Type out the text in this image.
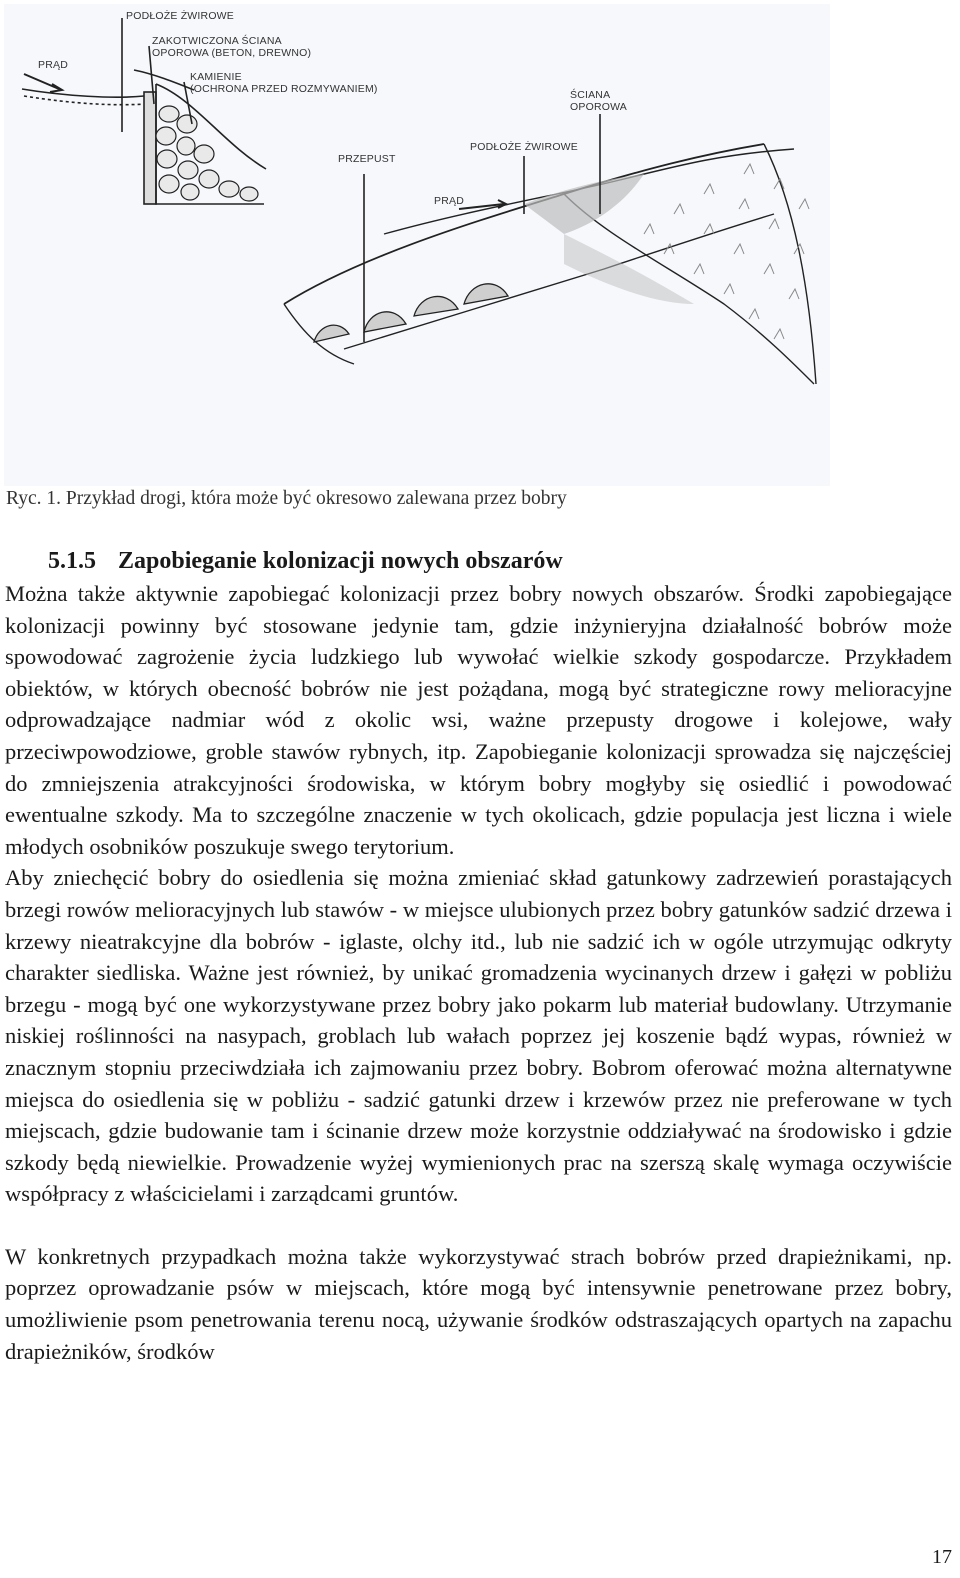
PODŁOŻE ŻWIROWE
ZAKOTWICZONA ŚCIANA
OPOROWA (BETON, DREWNO)
KAMIENIE
(OCHRONA PRZED ROZMYWANIEM)
PRĄD
ŚCIANA
OPOROWA
PODŁOŻE ŻWIROWE
PRZEPUST
PRĄD
Ryc. 1. Przykład drogi, która może być okresowo zalewana przez bobry
5.1.5 Zapobieganie kolonizacji nowych obszarów

Można także aktywnie zapobiegać kolonizacji przez bobry nowych obszarów. Środki zapobiegające kolonizacji powinny być stosowane jedynie tam, gdzie inżynieryjna działalność bobrów może spowodować zagrożenie życia ludzkiego lub wywołać wielkie szkody gospodarcze. Przykładem obiektów, w których obecność bobrów nie jest pożądana, mogą być strategiczne rowy melioracyjne odprowadzające nadmiar wód z okolic wsi, ważne przepusty drogowe i kolejowe, wały przeciwpowodziowe, groble stawów rybnych, itp. Zapobieganie kolonizacji sprowadza się najczęściej do zmniejszenia atrakcyjności środowiska, w którym bobry mogłyby się osiedlić i powodować ewentualne szkody. Ma to szczególne znaczenie w tych okolicach, gdzie populacja jest liczna i wiele młodych osobników poszukuje swego terytorium.

Aby zniechęcić bobry do osiedlenia się można zmieniać skład gatunkowy zadrzewień porastających brzegi rowów melioracyjnych lub stawów - w miejsce ulubionych przez bobry gatunków sadzić drzewa i krzewy nieatrakcyjne dla bobrów - iglaste, olchy itd., lub nie sadzić ich w ogóle utrzymując odkryty charakter siedliska. Ważne jest również, by unikać gromadzenia wycinanych drzew i gałęzi w pobliżu brzegu - mogą być one wykorzystywane przez bobry jako pokarm lub materiał budowlany. Utrzymanie niskiej roślinności na nasypach, groblach lub wałach poprzez jej koszenie bądź wypas, również w znacznym stopniu przeciwdziała ich zajmowaniu przez bobry. Bobrom oferować można alternatywne miejsca do osiedlenia się w pobliżu - sadzić gatunki drzew i krzewów przez nie preferowane w tych miejscach, gdzie budowanie tam i ścinanie drzew może korzystnie oddziaływać na środowisko i gdzie szkody będą niewielkie. Prowadzenie wyżej wymienionych prac na szerszą skalę wymaga oczywiście współpracy z właścicielami i zarządcami gruntów.

W konkretnych przypadkach można także wykorzystywać strach bobrów przed drapieżnikami, np. poprzez oprowadzanie psów w miejscach, które mogą być intensywnie penetrowane przez bobry, umożliwienie psom penetrowania terenu nocą, używanie środków odstraszających opartych na zapachu drapieżników, środków

17
